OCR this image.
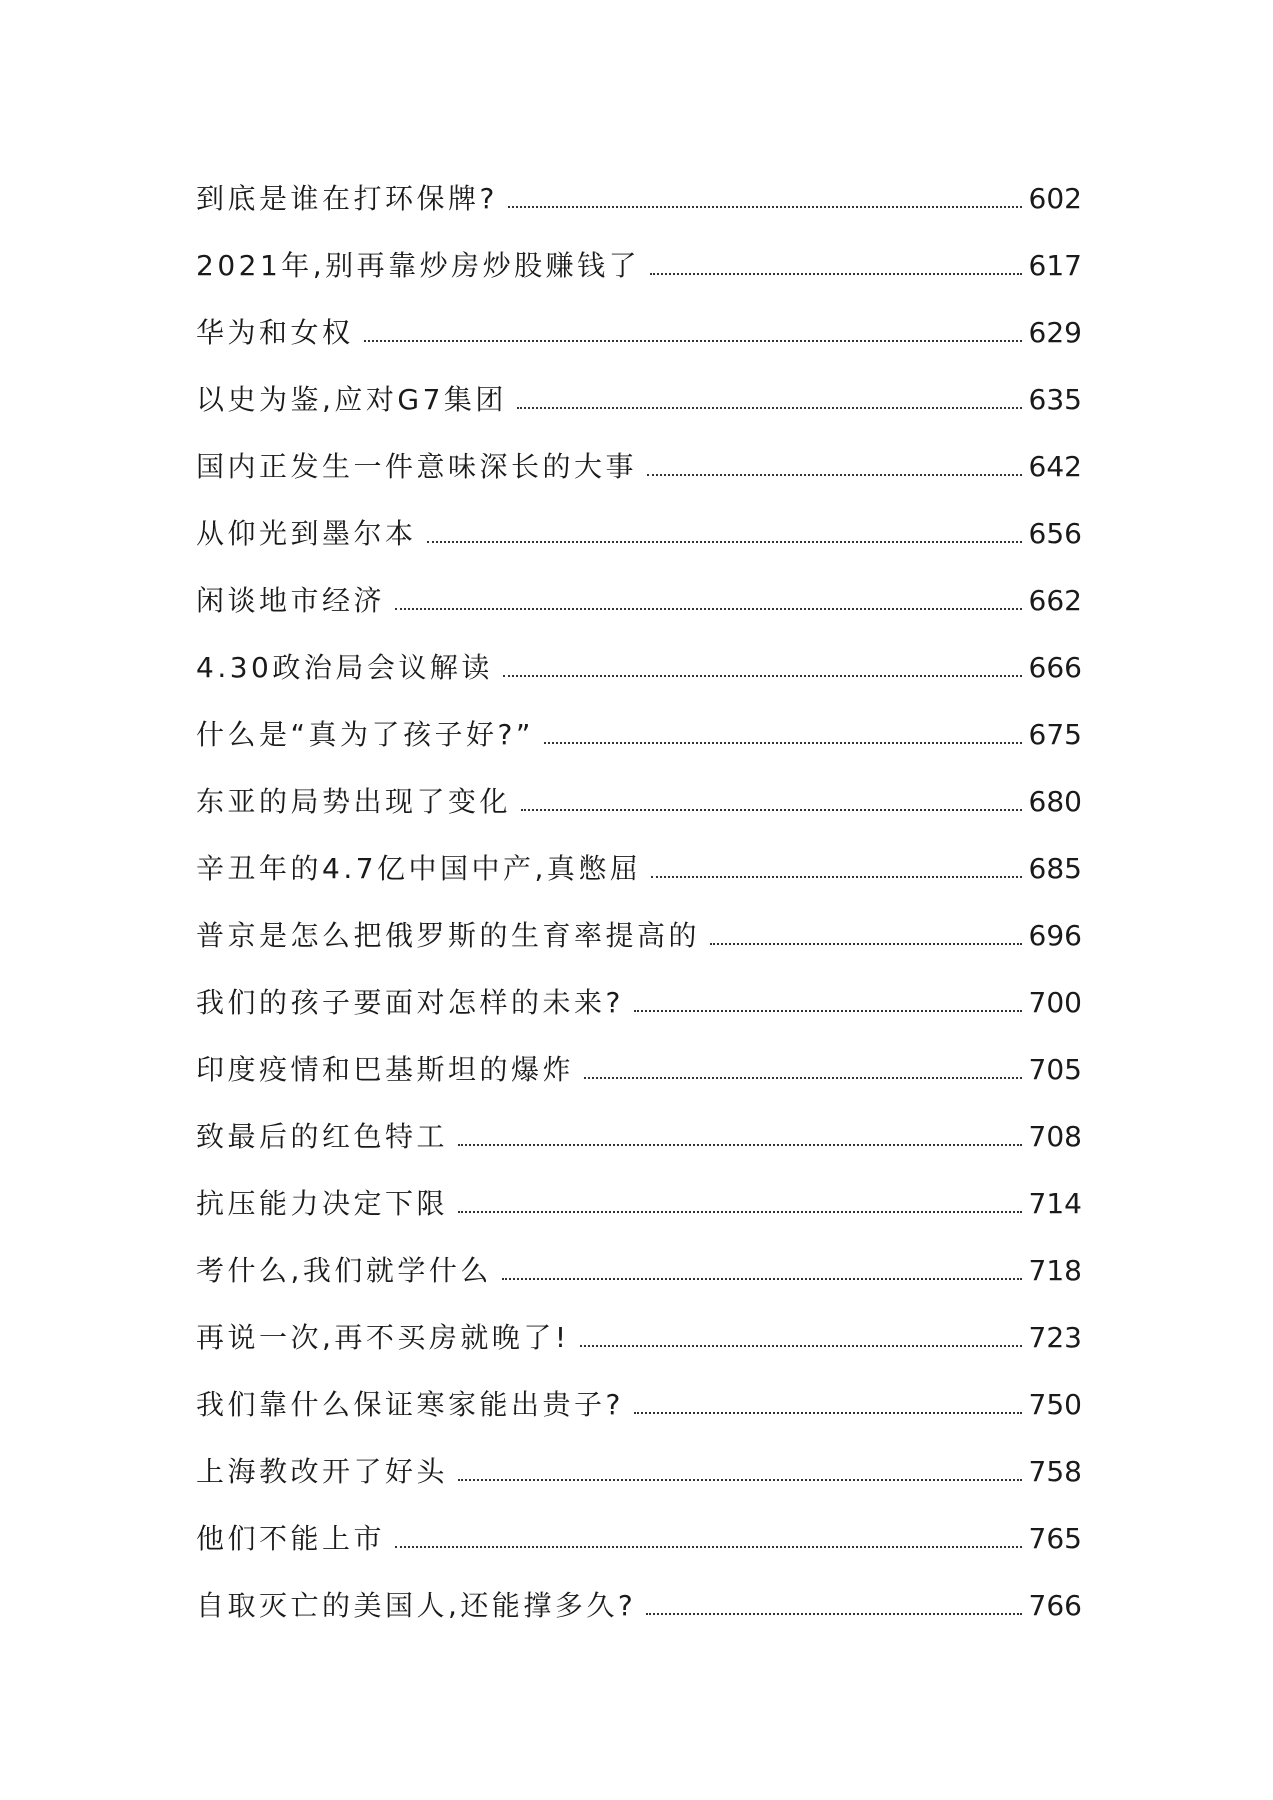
到底是谁在打环保牌?	602
2021年,别再靠炒房炒股赚钱了	617
华为和女权	629
以史为鉴,应对G7集团	635
国内正发生一件意味深长的大事	642
从仰光到墨尔本	656
闲谈地市经济	662
4.30政治局会议解读	666
什么是“真为了孩子好?”	675
东亚的局势出现了变化	680
辛丑年的4.7亿中国中产,真憋屈	685
普京是怎么把俄罗斯的生育率提高的	696
我们的孩子要面对怎样的未来?	700
印度疫情和巴基斯坦的爆炸	705
致最后的红色特工	708
抗压能力决定下限	714
考什么,我们就学什么	718
再说一次,再不买房就晚了!	723
我们靠什么保证寒家能出贵子?	750
上海教改开了好头	758
他们不能上市	765
自取灭亡的美国人,还能撑多久?	766
